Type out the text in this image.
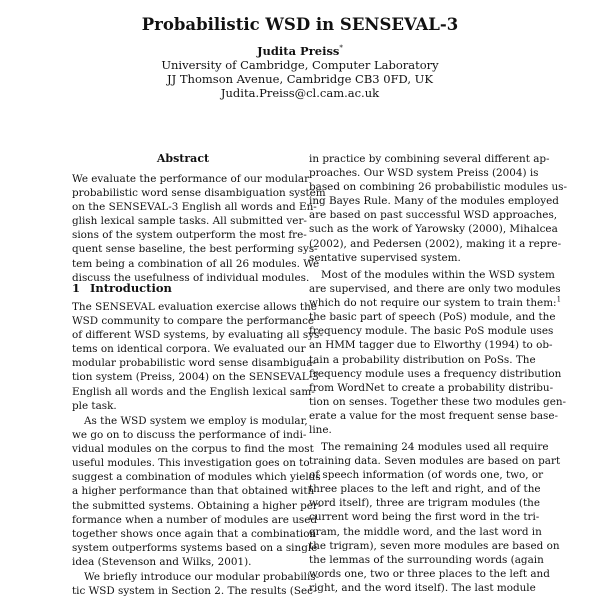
Probabilistic WSD in SENSEVAL-3
Judita Preiss*
University of Cambridge, Computer Laboratory
JJ Thomson Avenue, Cambridge CB3 0FD, UK
Judita.Preiss@cl.cam.ac.uk
Abstract
We evaluate the performance of our modular
probabilistic word sense disambiguation system
on the SENSEVAL-3 English all words and En-
glish lexical sample tasks. All submitted ver-
sions of the system outperform the most fre-
quent sense baseline, the best performing sys-
tem being a combination of all 26 modules. We
discuss the usefulness of individual modules.
1 Introduction
The SENSEVAL evaluation exercise allows the
WSD community to compare the performance
of different WSD systems, by evaluating all sys-
tems on identical corpora. We evaluated our
modular probabilistic word sense disambigua-
tion system (Preiss, 2004) on the SENSEVAL-3
English all words and the English lexical sam-
ple task.
As the WSD system we employ is modular,
we go on to discuss the performance of indi-
vidual modules on the corpus to find the most
useful modules. This investigation goes on to
suggest a combination of modules which yields
a higher performance than that obtained with
the submitted systems. Obtaining a higher per-
formance when a number of modules are used
together shows once again that a combination
system outperforms systems based on a single
idea (Stevenson and Wilks, 2001).
We briefly introduce our modular probabilis-
tic WSD system in Section 2. The results (Sec-
in practice by combining several different ap-
proaches. Our WSD system Preiss (2004) is
based on combining 26 probabilistic modules us-
ing Bayes Rule. Many of the modules employed
are based on past successful WSD approaches,
such as the work of Yarowsky (2000), Mihalcea
(2002), and Pedersen (2002), making it a repre-
sentative supervised system.
Most of the modules within the WSD system
are supervised, and there are only two modules
which do not require our system to train them:$^1$
the basic part of speech (PoS) module, and the
frequency module. The basic PoS module uses
an HMM tagger due to Elworthy (1994) to ob-
tain a probability distribution on PoSs. The
frequency module uses a frequency distribution
from WordNet to create a probability distribu-
tion on senses. Together these two modules gen-
erate a value for the most frequent sense base-
line.
The remaining 24 modules used all require
training data. Seven modules are based on part
of speech information (of words one, two, or
three places to the left and right, and of the
word itself), three are trigram modules (the
current word being the first word in the tri-
gram, the middle word, and the last word in
the trigram), seven more modules are based on
the lemmas of the surrounding words (again
words one, two or three places to the left and
right, and the word itself). The last module
